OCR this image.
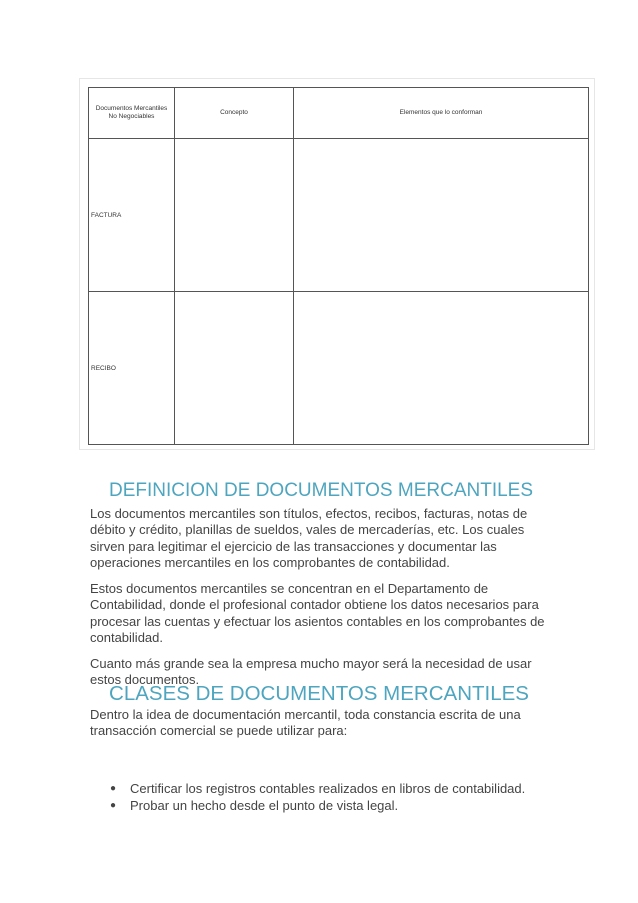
Documentos Mercantiles
No Negociables	Concepto	Elementos que lo conforman
FACTURA		
RECIBO		
DEFINICION DE DOCUMENTOS MERCANTILES

Los documentos mercantiles son títulos, efectos, recibos, facturas, notas de débito y crédito, planillas de sueldos, vales de mercaderías, etc. Los cuales sirven para legitimar el ejercicio de las transacciones y documentar las operaciones mercantiles en los comprobantes de contabilidad.

Estos documentos mercantiles se concentran en el Departamento de Contabilidad, donde el profesional contador obtiene los datos necesarios para procesar las cuentas y efectuar los asientos contables en los comprobantes de contabilidad.

Cuanto más grande sea la empresa mucho mayor será la necesidad de usar estos documentos.

CLASES DE DOCUMENTOS MERCANTILES

Dentro la idea de documentación mercantil, toda constancia escrita de una transacción comercial se puede utilizar para:

● Certificar los registros contables realizados en libros de contabilidad.
● Probar un hecho desde el punto de vista legal.
